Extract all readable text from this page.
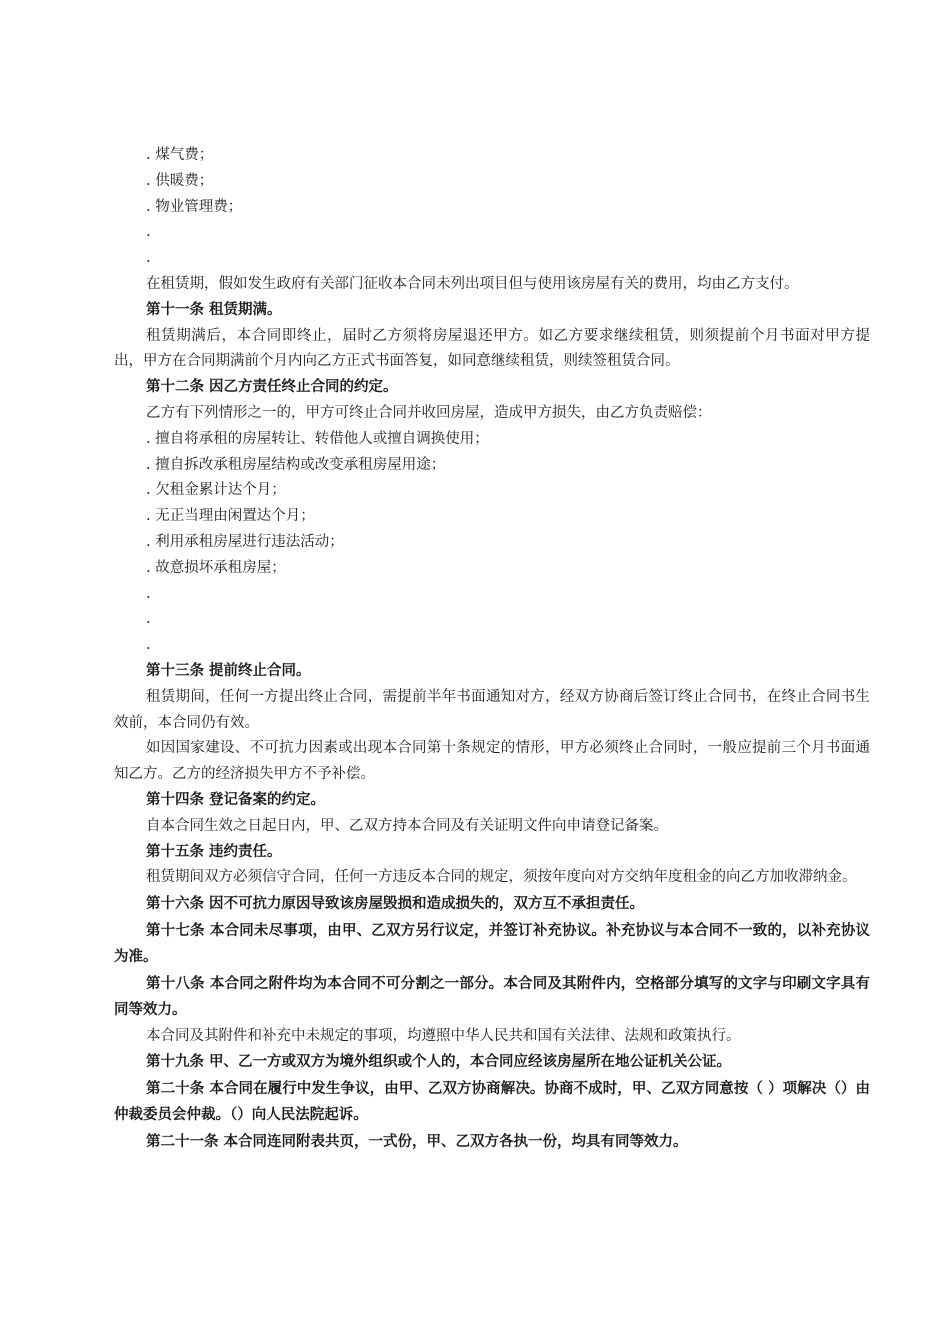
. 煤气费；
. 供暖费；
. 物业管理费；
.
.
在租赁期，假如发生政府有关部门征收本合同未列出项目但与使用该房屋有关的费用，均由乙方支付。
第十一条 租赁期满。
租赁期满后，本合同即终止，届时乙方须将房屋退还甲方。如乙方要求继续租赁，则须提前个月书面对甲方提出，甲方在合同期满前个月内向乙方正式书面答复，如同意继续租赁，则续签租赁合同。
第十二条 因乙方责任终止合同的约定。
乙方有下列情形之一的，甲方可终止合同并收回房屋，造成甲方损失，由乙方负责赔偿：
. 擅自将承租的房屋转让、转借他人或擅自调换使用；
. 擅自拆改承租房屋结构或改变承租房屋用途；
. 欠租金累计达个月；
. 无正当理由闲置达个月；
. 利用承租房屋进行违法活动；
. 故意损坏承租房屋；
.
.
.
第十三条 提前终止合同。
租赁期间，任何一方提出终止合同，需提前半年书面通知对方，经双方协商后签订终止合同书，在终止合同书生效前，本合同仍有效。
如因国家建设、不可抗力因素或出现本合同第十条规定的情形，甲方必须终止合同时，一般应提前三个月书面通知乙方。乙方的经济损失甲方不予补偿。
第十四条 登记备案的约定。
自本合同生效之日起日内，甲、乙双方持本合同及有关证明文件向申请登记备案。
第十五条 违约责任。
租赁期间双方必须信守合同，任何一方违反本合同的规定，须按年度向对方交纳年度租金的向乙方加收滞纳金。
第十六条 因不可抗力原因导致该房屋毁损和造成损失的，双方互不承担责任。
第十七条 本合同未尽事项，由甲、乙双方另行议定，并签订补充协议。补充协议与本合同不一致的，以补充协议为准。
第十八条 本合同之附件均为本合同不可分割之一部分。本合同及其附件内，空格部分填写的文字与印刷文字具有同等效力。
本合同及其附件和补充中未规定的事项，均遵照中华人民共和国有关法律、法规和政策执行。
第十九条 甲、乙一方或双方为境外组织或个人的，本合同应经该房屋所在地公证机关公证。
第二十条 本合同在履行中发生争议，由甲、乙双方协商解决。协商不成时，甲、乙双方同意按（ ）项解决（）由仲裁委员会仲裁。（）向人民法院起诉。
第二十一条 本合同连同附表共页，一式份，甲、乙双方各执一份，均具有同等效力。
